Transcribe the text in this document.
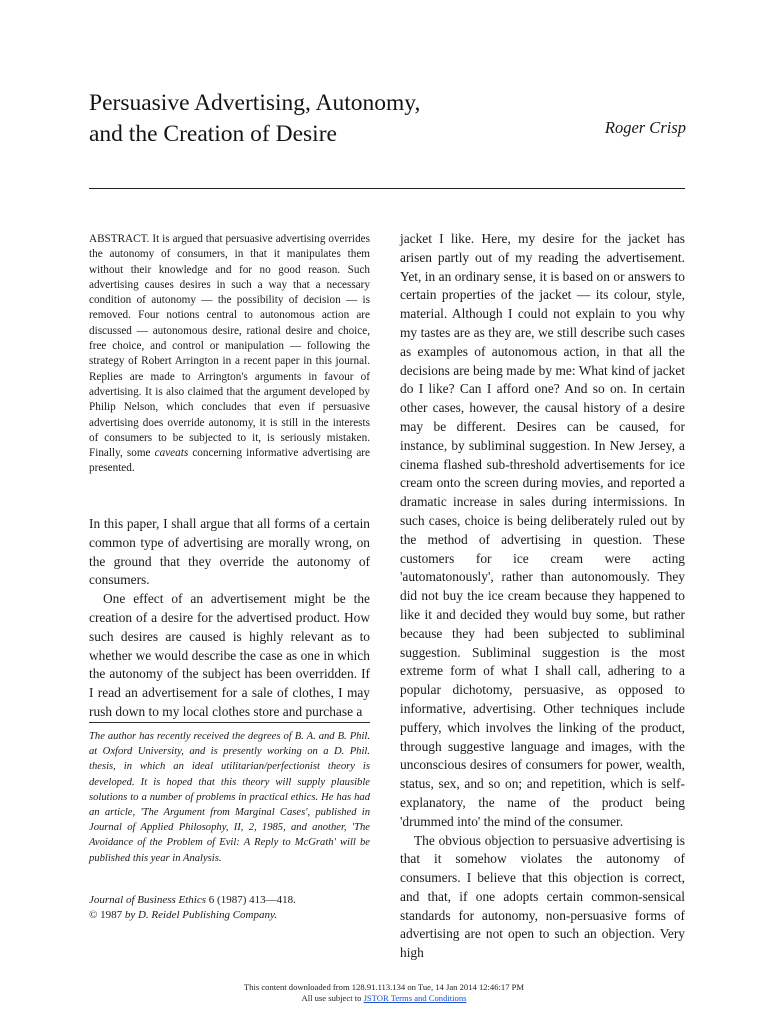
Persuasive Advertising, Autonomy,
and the Creation of Desire	Roger Crisp

ABSTRACT. It is argued that persuasive advertising overrides the autonomy of consumers, in that it manipulates them without their knowledge and for no good reason. Such advertising causes desires in such a way that a necessary condition of autonomy — the possibility of decision — is removed. Four notions central to autonomous action are discussed — autonomous desire, rational desire and choice, free choice, and control or manipulation — following the strategy of Robert Arrington in a recent paper in this journal. Replies are made to Arrington's arguments in favour of advertising. It is also claimed that the argument developed by Philip Nelson, which concludes that even if persuasive advertising does override autonomy, it is still in the interests of consumers to be subjected to it, is seriously mistaken. Finally, some caveats concerning informative advertising are presented.

In this paper, I shall argue that all forms of a certain common type of advertising are morally wrong, on the ground that they override the autonomy of consumers.

One effect of an advertisement might be the creation of a desire for the advertised product. How such desires are caused is highly relevant as to whether we would describe the case as one in which the autonomy of the subject has been overridden. If I read an advertisement for a sale of clothes, I may rush down to my local clothes store and purchase a

The author has recently received the degrees of B. A. and B. Phil. at Oxford University, and is presently working on a D. Phil. thesis, in which an ideal utilitarian/perfectionist theory is developed. It is hoped that this theory will supply plausible solutions to a number of problems in practical ethics. He has had an article, 'The Argument from Marginal Cases', published in Journal of Applied Philosophy, II, 2, 1985, and another, 'The Avoidance of the Problem of Evil: A Reply to McGrath' will be published this year in Analysis.

jacket I like. Here, my desire for the jacket has arisen partly out of my reading the advertisement. Yet, in an ordinary sense, it is based on or answers to certain properties of the jacket — its colour, style, material. Although I could not explain to you why my tastes are as they are, we still describe such cases as examples of autonomous action, in that all the decisions are being made by me: What kind of jacket do I like? Can I afford one? And so on. In certain other cases, however, the causal history of a desire may be different. Desires can be caused, for instance, by subliminal suggestion. In New Jersey, a cinema flashed sub-threshold advertisements for ice cream onto the screen during movies, and reported a dramatic increase in sales during intermissions. In such cases, choice is being deliberately ruled out by the method of advertising in question. These customers for ice cream were acting 'automatonously', rather than autonomously. They did not buy the ice cream because they happened to like it and decided they would buy some, but rather because they had been subjected to subliminal suggestion. Subliminal suggestion is the most extreme form of what I shall call, adhering to a popular dichotomy, persuasive, as opposed to informative, advertising. Other techniques include puffery, which involves the linking of the product, through suggestive language and images, with the unconscious desires of consumers for power, wealth, status, sex, and so on; and repetition, which is self-explanatory, the name of the product being 'drummed into' the mind of the consumer.

The obvious objection to persuasive advertising is that it somehow violates the autonomy of consumers. I believe that this objection is correct, and that, if one adopts certain common-sensical standards for autonomy, non-persuasive forms of advertising are not open to such an objection. Very high

Journal of Business Ethics 6 (1987) 413—418.
© 1987 by D. Reidel Publishing Company.
This content downloaded from 128.91.113.134 on Tue, 14 Jan 2014 12:46:17 PM
All use subject to JSTOR Terms and Conditions
